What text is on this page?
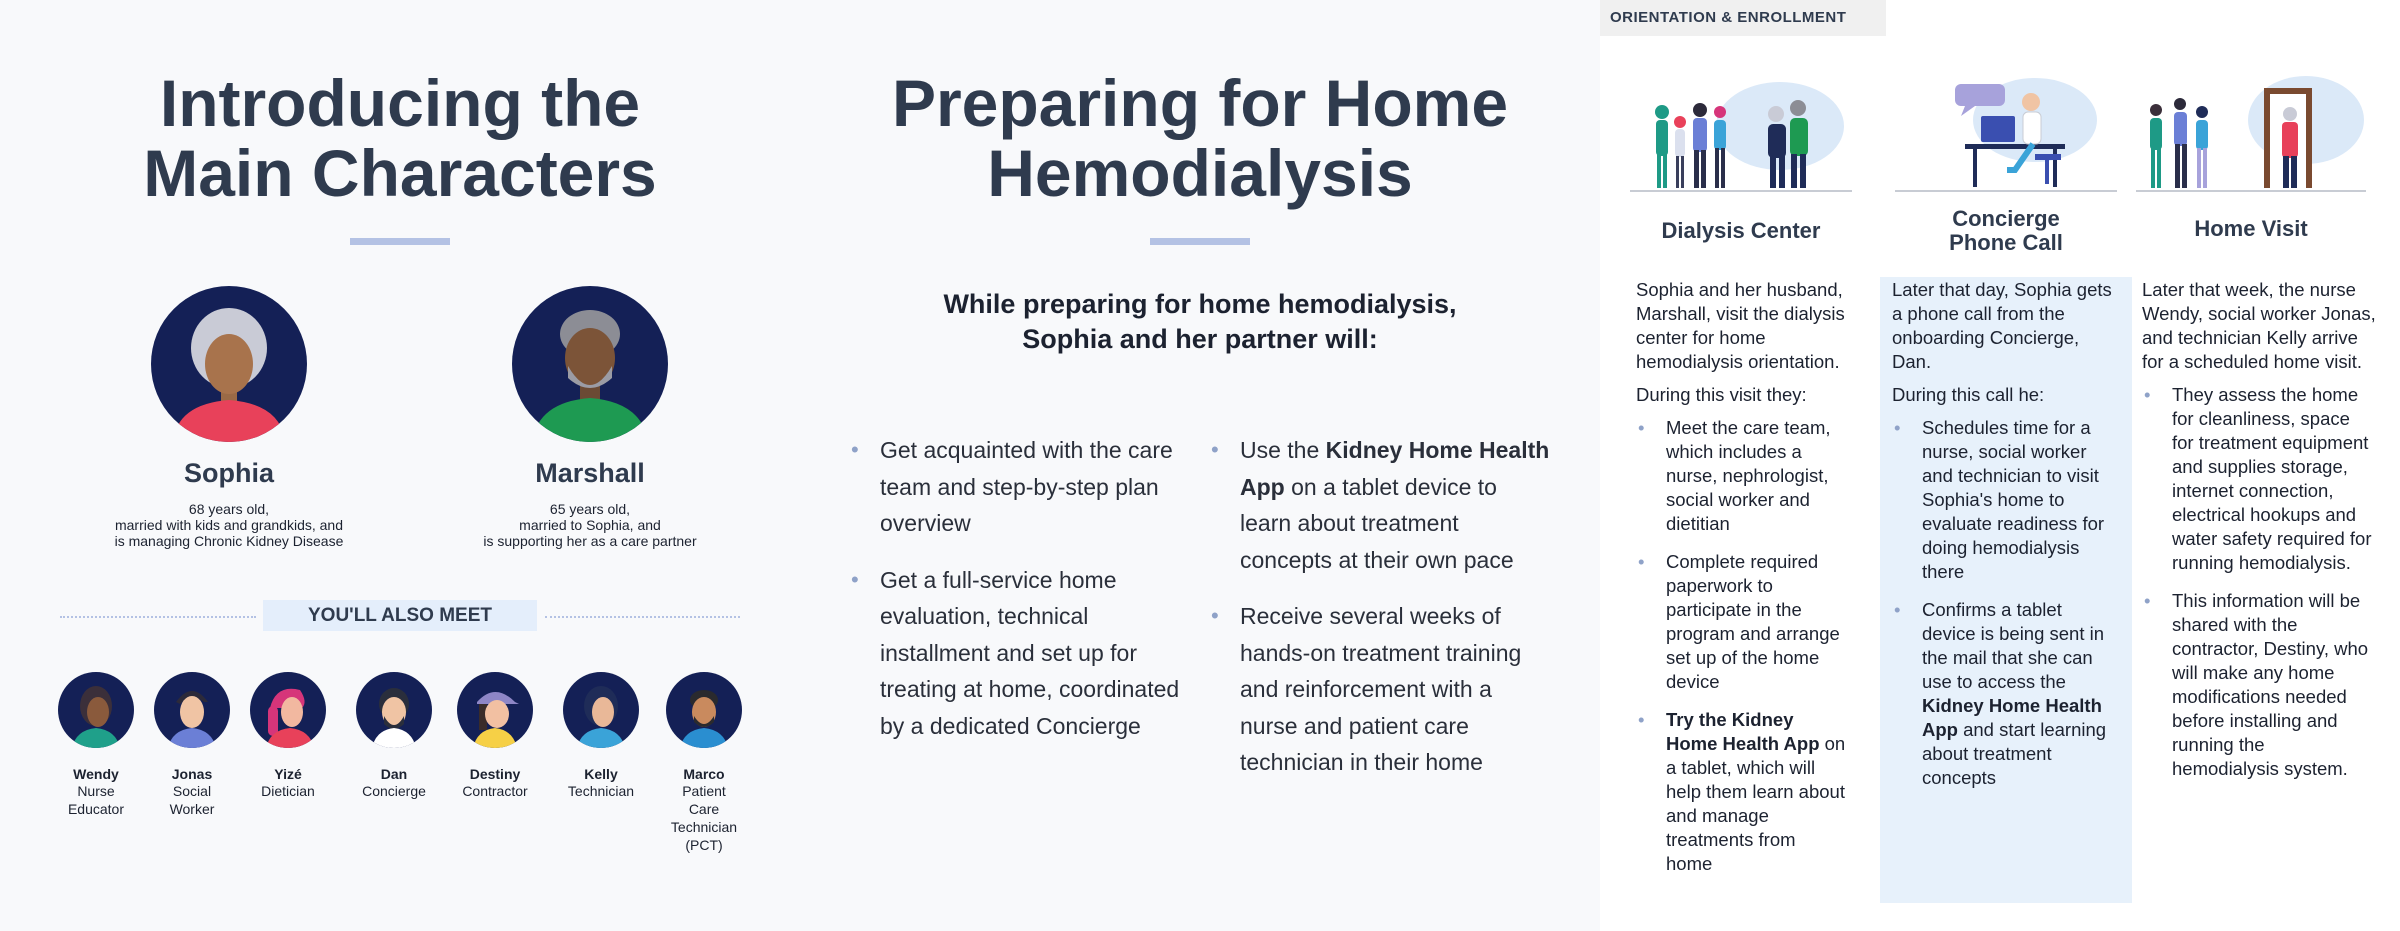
Introducing the
Main Characters
Sophia
68 years old,
married with kids and grandkids, and
is managing Chronic Kidney Disease
Marshall
65 years old,
married to Sophia, and
is supporting her as a care partner
YOU'LL ALSO MEET
Wendy
Nurse
Educator
Jonas
Social
Worker
Yizé
Dietician
Dan
Concierge
Destiny
Contractor
Kelly
Technician
Marco
Patient
Care
Technician
(PCT)
Preparing for Home
Hemodialysis
While preparing for home hemodialysis,
Sophia and her partner will:
• Get acquainted with the care team and step-by-step plan overview
• Get a full-service home evaluation, technical installment and set up for treating at home, coordinated by a dedicated Concierge
• Use the Kidney Home Health App on a tablet device to learn about treatment concepts at their own pace
• Receive several weeks of hands-on treatment training and reinforcement with a nurse and patient care technician in their home
ORIENTATION & ENROLLMENT
Dialysis Center

Sophia and her husband, Marshall, visit the dialysis center for home hemodialysis orientation.

During this visit they:

• Meet the care team, which includes a nurse, nephrologist, social worker and dietitian
• Complete required paperwork to participate in the program and arrange set up of the home device
• Try the Kidney Home Health App on a tablet, which will help them learn about and manage treatments from home
Concierge
Phone Call

Later that day, Sophia gets a phone call from the onboarding Concierge, Dan.

During this call he:

• Schedules time for a nurse, social worker and technician to visit Sophia's home to evaluate readiness for doing hemodialysis there
• Confirms a tablet device is being sent in the mail that she can use to access the Kidney Home Health App and start learning about treatment concepts
Home Visit

Later that week, the nurse Wendy, social worker Jonas, and technician Kelly arrive for a scheduled home visit.

• They assess the home for cleanliness, space for treatment equipment and supplies storage, internet connection, electrical hookups and water safety required for running hemodialysis.
• This information will be shared with the contractor, Destiny, who will make any home modifications needed before installing and running the hemodialysis system.
